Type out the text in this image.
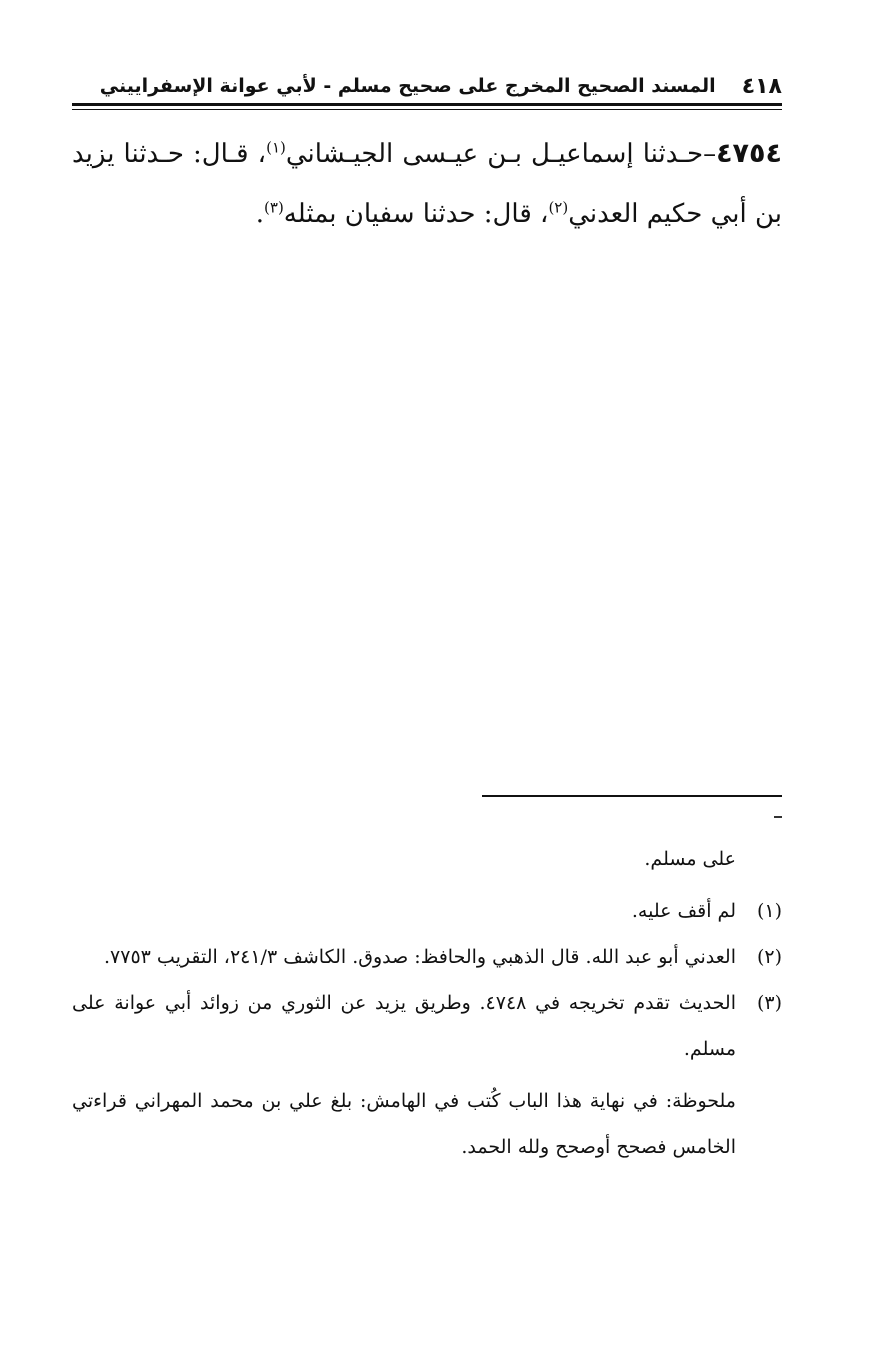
٤١٨
المسند الصحيح المخرج على صحيح مسلم - لأبي عوانة الإسفراييني
٤٧٥٤–حـدثنا إسماعيـل بـن عيـسى الجيـشاني$^{(١)}$، قـال: حـدثنا يزيد بن أبي حكيم العدني$^{(٢)}$، قال: حدثنا سفيان بمثله$^{(٣)}$.
على مسلم.
(١)
لم أقف عليه.
(٢)
العدني أبو عبد الله. قال الذهبي والحافظ: صدوق. الكاشف ٢٤١/٣، التقريب ٧٧٥٣.
(٣)
الحديث تقدم تخريجه في ٤٧٤٨. وطريق يزيد عن الثوري من زوائد أبي عوانة على مسلم.
ملحوظة: في نهاية هذا الباب كُتب في الهامش: بلغ علي بن محمد المهراني قراءتي الخامس فصحح أوصحح ولله الحمد.
